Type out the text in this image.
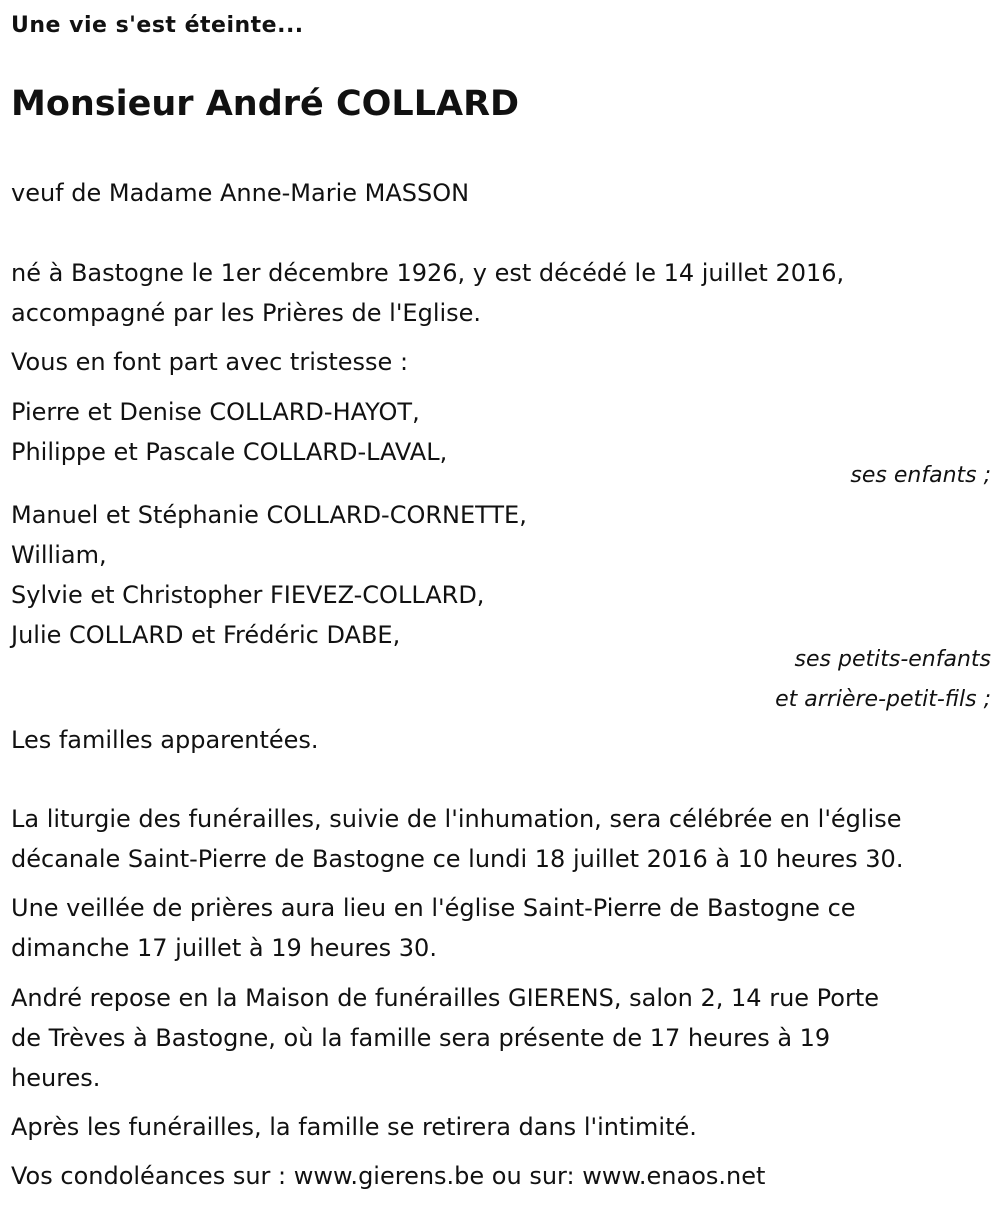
Une vie s'est éteinte...
Monsieur André COLLARD
veuf de Madame Anne-Marie MASSON
né à Bastogne le 1er décembre 1926, y est décédé le 14 juillet 2016,
accompagné par les Prières de l'Eglise.
Vous en font part avec tristesse :
Pierre et Denise COLLARD-HAYOT,
Philippe et Pascale COLLARD-LAVAL,
ses enfants ;
Manuel et Stéphanie COLLARD-CORNETTE,
William,
Sylvie et Christopher FIEVEZ-COLLARD,
Julie COLLARD et Frédéric DABE,
ses petits-enfants
et arrière-petit-fils ;
Les familles apparentées.
La liturgie des funérailles, suivie de l'inhumation, sera célébrée en l'église
décanale Saint-Pierre de Bastogne ce lundi 18 juillet 2016 à 10 heures 30.
Une veillée de prières aura lieu en l'église Saint-Pierre de Bastogne ce
dimanche 17 juillet à 19 heures 30.
André repose en la Maison de funérailles GIERENS, salon 2, 14 rue Porte
de Trèves à Bastogne, où la famille sera présente de 17 heures à 19
heures.
Après les funérailles, la famille se retirera dans l'intimité.
Vos condoléances sur : www.gierens.be ou sur: www.enaos.net
